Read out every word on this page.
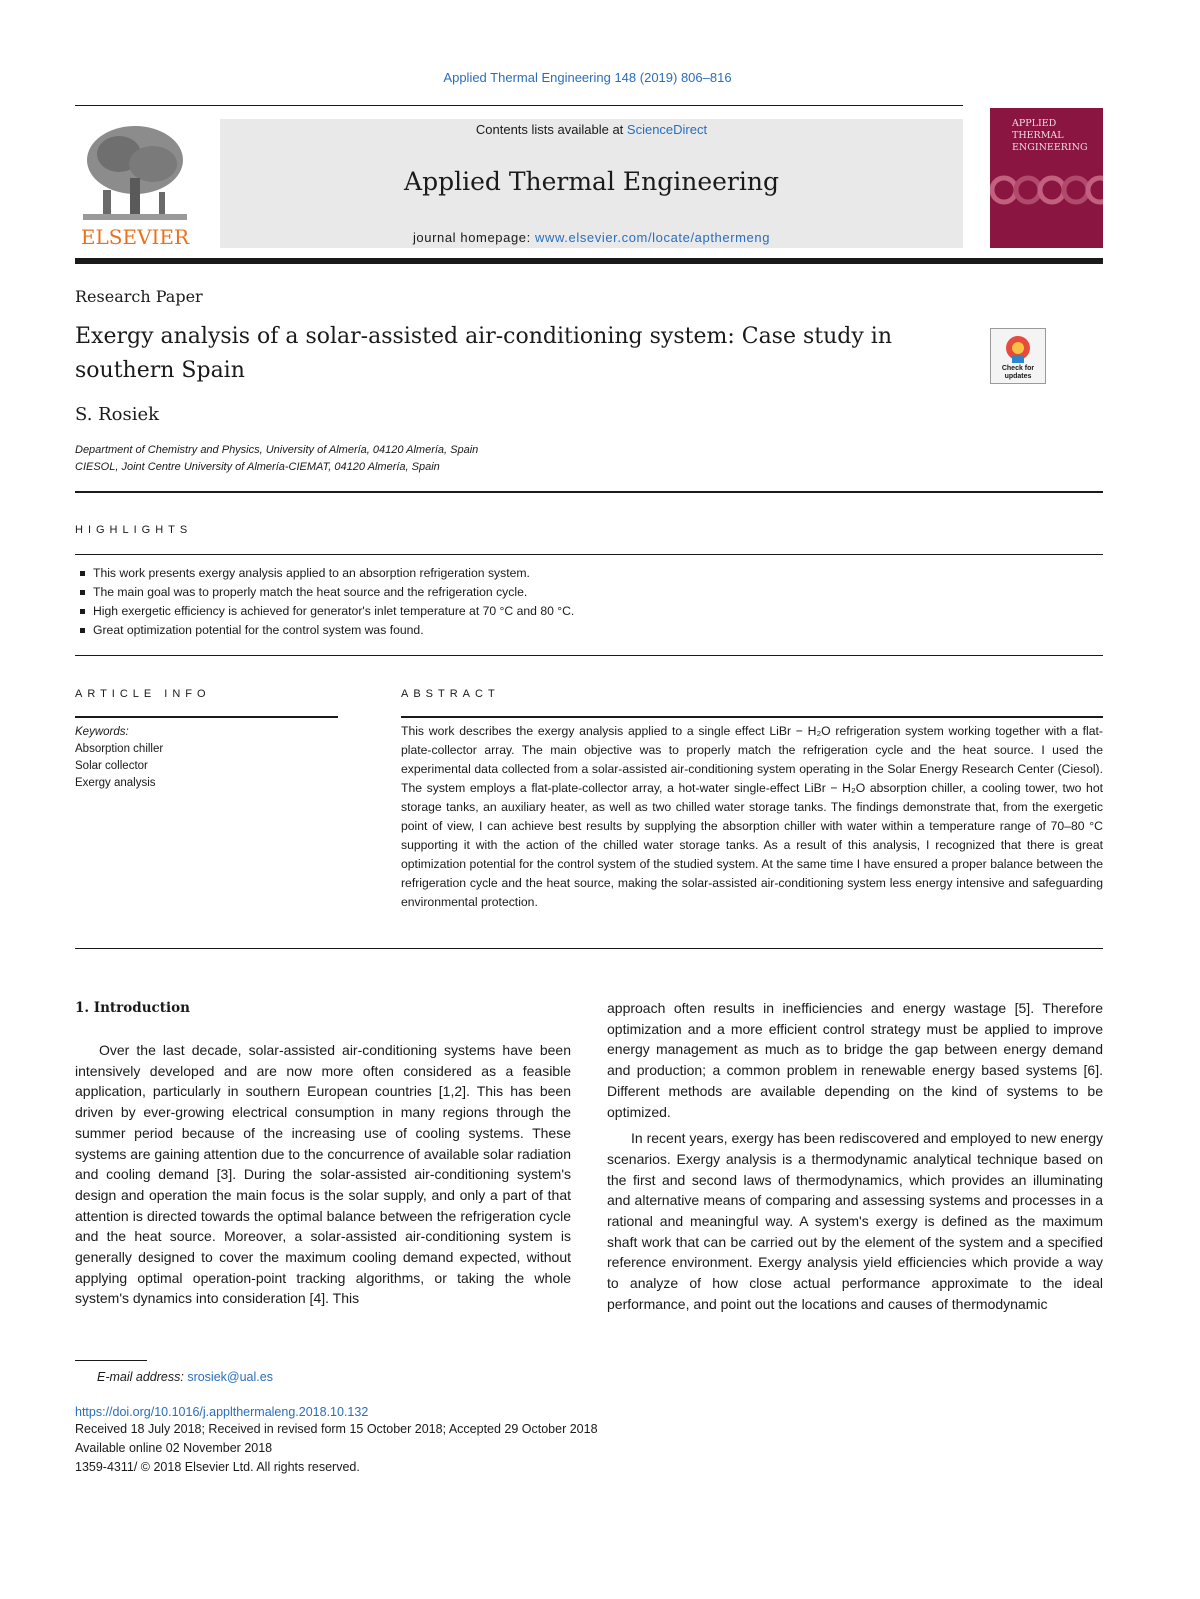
Applied Thermal Engineering 148 (2019) 806–816
ELSEVIER
Contents lists available at ScienceDirect
Applied Thermal Engineering
journal homepage: www.elsevier.com/locate/apthermeng
APPLIED
THERMAL
ENGINEERING
Research Paper
Exergy analysis of a solar-assisted air-conditioning system: Case study in southern Spain	Check for updates
S. Rosiek
Department of Chemistry and Physics, University of Almería, 04120 Almería, Spain
CIESOL, Joint Centre University of Almería-CIEMAT, 04120 Almería, Spain
HIGHLIGHTS
This work presents exergy analysis applied to an absorption refrigeration system.
The main goal was to properly match the heat source and the refrigeration cycle.
High exergetic efficiency is achieved for generator's inlet temperature at 70 °C and 80 °C.
Great optimization potential for the control system was found.
ARTICLE INFO
Keywords:
Absorption chiller
Solar collector
Exergy analysis
ABSTRACT
This work describes the exergy analysis applied to a single effect LiBr − H₂O refrigeration system working together with a flat-plate-collector array. The main objective was to properly match the refrigeration cycle and the heat source. I used the experimental data collected from a solar-assisted air-conditioning system operating in the Solar Energy Research Center (Ciesol). The system employs a flat-plate-collector array, a hot-water single-effect LiBr − H₂O absorption chiller, a cooling tower, two hot storage tanks, an auxiliary heater, as well as two chilled water storage tanks. The findings demonstrate that, from the exergetic point of view, I can achieve best results by supplying the absorption chiller with water within a temperature range of 70–80 °C supporting it with the action of the chilled water storage tanks. As a result of this analysis, I recognized that there is great optimization potential for the control system of the studied system. At the same time I have ensured a proper balance between the refrigeration cycle and the heat source, making the solar-assisted air-conditioning system less energy intensive and safeguarding environmental protection.
1. Introduction

Over the last decade, solar-assisted air-conditioning systems have been intensively developed and are now more often considered as a feasible application, particularly in southern European countries [1,2]. This has been driven by ever-growing electrical consumption in many regions through the summer period because of the increasing use of cooling systems. These systems are gaining attention due to the concurrence of available solar radiation and cooling demand [3]. During the solar-assisted air-conditioning system's design and operation the main focus is the solar supply, and only a part of that attention is directed towards the optimal balance between the refrigeration cycle and the heat source. Moreover, a solar-assisted air-conditioning system is generally designed to cover the maximum cooling demand expected, without applying optimal operation-point tracking algorithms, or taking the whole system's dynamics into consideration [4]. This

approach often results in inefficiencies and energy wastage [5]. Therefore optimization and a more efficient control strategy must be applied to improve energy management as much as to bridge the gap between energy demand and production; a common problem in renewable energy based systems [6]. Different methods are available depending on the kind of systems to be optimized.

In recent years, exergy has been rediscovered and employed to new energy scenarios. Exergy analysis is a thermodynamic analytical technique based on the first and second laws of thermodynamics, which provides an illuminating and alternative means of comparing and assessing systems and processes in a rational and meaningful way. A system's exergy is defined as the maximum shaft work that can be carried out by the element of the system and a specified reference environment. Exergy analysis yield efficiencies which provide a way to analyze of how close actual performance approximate to the ideal performance, and point out the locations and causes of thermodynamic

E-mail address: srosiek@ual.es
https://doi.org/10.1016/j.applthermaleng.2018.10.132
Received 18 July 2018; Received in revised form 15 October 2018; Accepted 29 October 2018
Available online 02 November 2018
1359-4311/ © 2018 Elsevier Ltd. All rights reserved.
